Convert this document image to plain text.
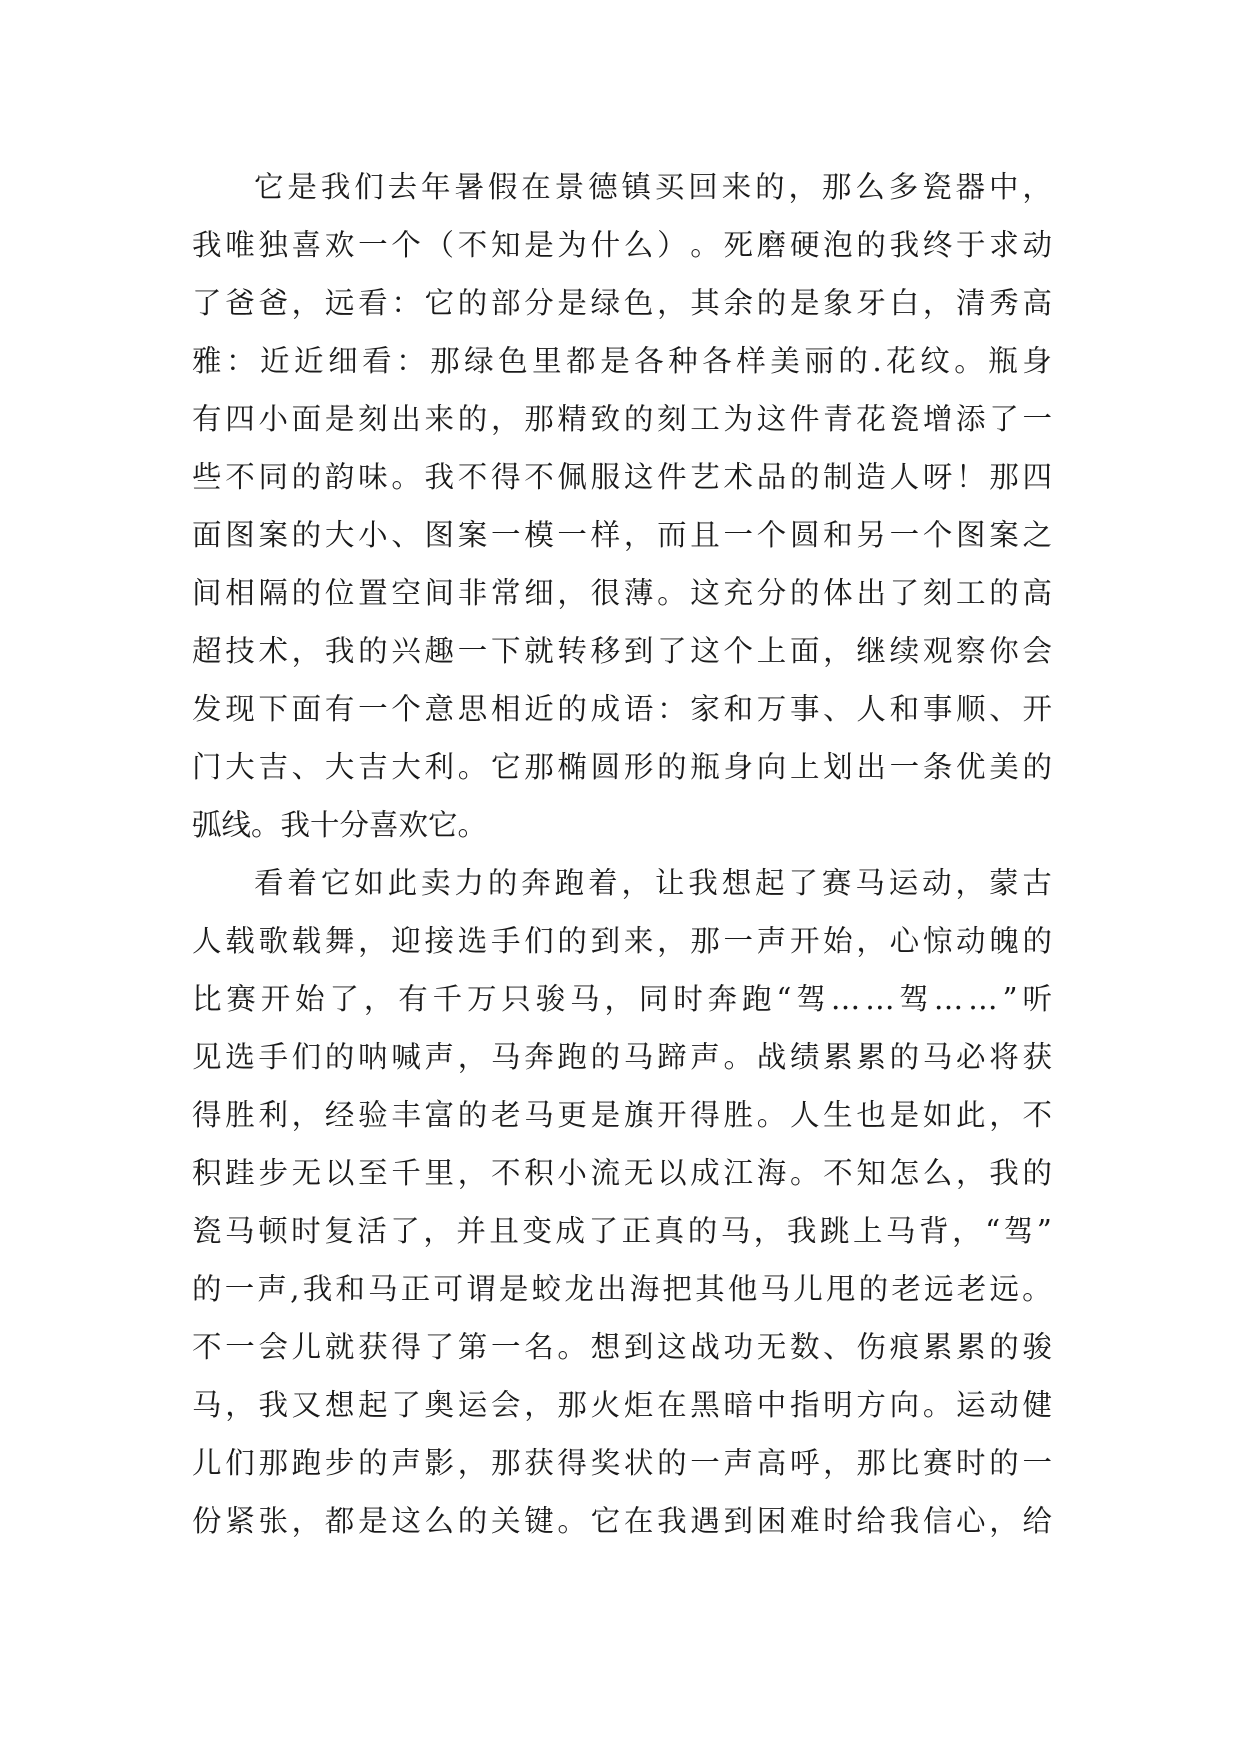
它 是 我 们 去 年 暑 假 在 景 德 镇 买 回 来 的 ， 那 么 多 瓷 器 中 ，
我 唯 独 喜 欢 一 个 （ 不 知 是 为 什 么 ） 。 死 磨 硬 泡 的 我 终 于 求 动
了 爸 爸 ， 远 看 ： 它 的 部 分 是 绿 色 ， 其 余 的 是 象 牙 白 ， 清 秀 高
雅 ： 近 近 细 看 ： 那 绿 色 里 都 是 各 种 各 样 美 丽 的 . 花 纹 。 瓶 身
有 四 小 面 是 刻 出 来 的 ， 那 精 致 的 刻 工 为 这 件 青 花 瓷 增 添 了 一
些 不 同 的 韵 味 。 我 不 得 不 佩 服 这 件 艺 术 品 的 制 造 人 呀 ！ 那 四
面 图 案 的 大 小 、 图 案 一 模 一 样 ， 而 且 一 个 圆 和 另 一 个 图 案 之
间 相 隔 的 位 置 空 间 非 常 细 ， 很 薄 。 这 充 分 的 体 出 了 刻 工 的 高
超 技 术 ， 我 的 兴 趣 一 下 就 转 移 到 了 这 个 上 面 ， 继 续 观 察 你 会
发 现 下 面 有 一 个 意 思 相 近 的 成 语 ： 家 和 万 事 、 人 和 事 顺 、 开
门 大 吉 、 大 吉 大 利 。 它 那 椭 圆 形 的 瓶 身 向 上 划 出 一 条 优 美 的
弧线。我十分喜欢它。
看 着 它 如 此 卖 力 的 奔 跑 着 ， 让 我 想 起 了 赛 马 运 动 ， 蒙 古
人 载 歌 载 舞 ， 迎 接 选 手 们 的 到 来 ， 那 一 声 开 始 ， 心 惊 动 魄 的
比 赛 开 始 了 ， 有 千 万 只 骏 马 ， 同 时 奔 跑 “ 驾 … … 驾 … … ” 听
见 选 手 们 的 呐 喊 声 ， 马 奔 跑 的 马 蹄 声 。 战 绩 累 累 的 马 必 将 获
得 胜 利 ， 经 验 丰 富 的 老 马 更 是 旗 开 得 胜 。 人 生 也 是 如 此 ， 不
积 跬 步 无 以 至 千 里 ， 不 积 小 流 无 以 成 江 海 。 不 知 怎 么 ， 我 的
瓷 马 顿 时 复 活 了 ， 并 且 变 成 了 正 真 的 马 ， 我 跳 上 马 背 ， “ 驾 ”
的 一 声 , 我 和 马 正 可 谓 是 蛟 龙 出 海 把 其 他 马 儿 甩 的 老 远 老 远 。
不 一 会 儿 就 获 得 了 第 一 名 。 想 到 这 战 功 无 数 、 伤 痕 累 累 的 骏
马 ， 我 又 想 起 了 奥 运 会 ， 那 火 炬 在 黑 暗 中 指 明 方 向 。 运 动 健
儿 们 那 跑 步 的 声 影 ， 那 获 得 奖 状 的 一 声 高 呼 ， 那 比 赛 时 的 一
份 紧 张 ， 都 是 这 么 的 关 键 。 它 在 我 遇 到 困 难 时 给 我 信 心 ， 给
